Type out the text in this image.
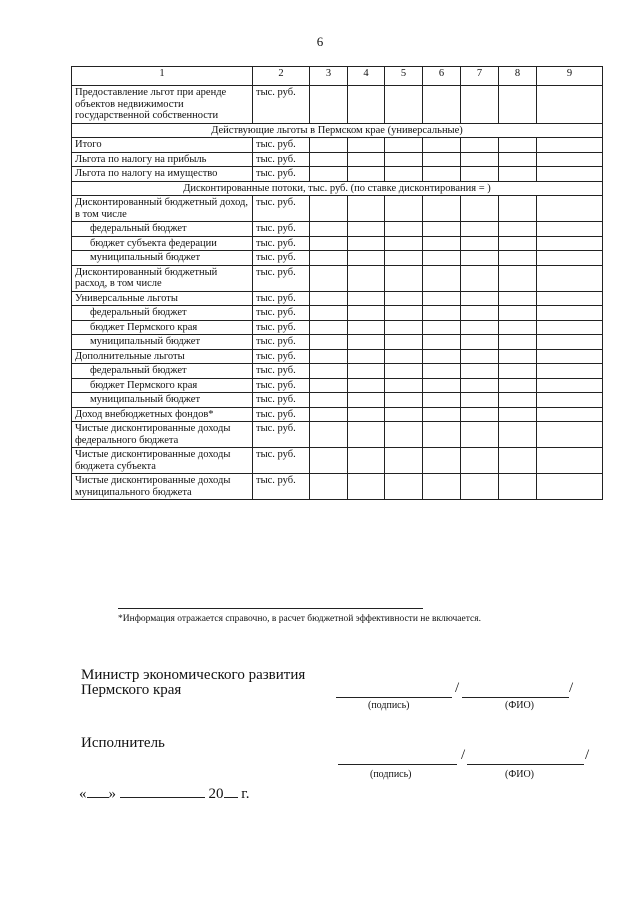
6
1	2	3	4	5	6	7	8	9
Предоставление льгот при аренде объектов недвижимости государственной собственности	тыс. руб.							
Действующие льготы в Пермском крае (универсальные)								
Итого	тыс. руб.							
Льгота по налогу на прибыль	тыс. руб.							
Льгота по налогу на имущество	тыс. руб.							
Дисконтированные потоки, тыс. руб. (по ставке дисконтирования = )								
Дисконтированный бюджетный доход, в том числе	тыс. руб.							
федеральный бюджет	тыс. руб.							
бюджет субъекта федерации	тыс. руб.							
муниципальный бюджет	тыс. руб.							
Дисконтированный бюджетный расход, в том числе	тыс. руб.							
Универсальные льготы	тыс. руб.							
федеральный бюджет	тыс. руб.							
бюджет Пермского края	тыс. руб.							
муниципальный бюджет	тыс. руб.							
Дополнительные льготы	тыс. руб.							
федеральный бюджет	тыс. руб.							
бюджет Пермского края	тыс. руб.							
муниципальный бюджет	тыс. руб.							
Доход внебюджетных фондов*	тыс. руб.							
Чистые дисконтированные доходы федерального бюджета	тыс. руб.							
Чистые дисконтированные доходы бюджета субъекта	тыс. руб.							
Чистые дисконтированные доходы муниципального бюджета	тыс. руб.							
*Информация отражается справочно, в расчет бюджетной эффективности не включается.
Министр экономического развития
Пермского края	/	/
(подпись)	(ФИО)
Исполнитель
/	/
(подпись)	(ФИО)
« »	20 г.
